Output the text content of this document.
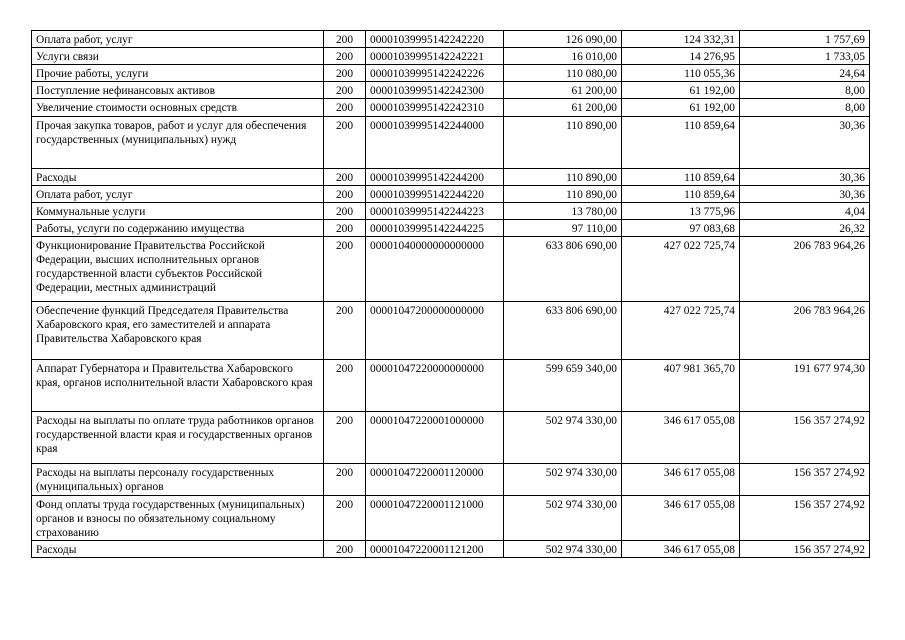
Оплата работ, услуг	200	00001039995142242220	126 090,00	124 332,31	1 757,69
Услуги связи	200	00001039995142242221	16 010,00	14 276,95	1 733,05
Прочие работы, услуги	200	00001039995142242226	110 080,00	110 055,36	24,64
Поступление нефинансовых активов	200	00001039995142242300	61 200,00	61 192,00	8,00
Увеличение стоимости основных средств	200	00001039995142242310	61 200,00	61 192,00	8,00
Прочая закупка товаров, работ и услуг для обеспечения государственных (муниципальных) нужд	200	00001039995142244000	110 890,00	110 859,64	30,36
Расходы	200	00001039995142244200	110 890,00	110 859,64	30,36
Оплата работ, услуг	200	00001039995142244220	110 890,00	110 859,64	30,36
Коммунальные услуги	200	00001039995142244223	13 780,00	13 775,96	4,04
Работы, услуги по содержанию имущества	200	00001039995142244225	97 110,00	97 083,68	26,32
Функционирование Правительства Российской Федерации, высших исполнительных органов государственной власти субъектов Российской Федерации, местных администраций	200	00001040000000000000	633 806 690,00	427 022 725,74	206 783 964,26
Обеспечение функций Председателя Правительства Хабаровского края, его заместителей и аппарата Правительства Хабаровского края	200	00001047200000000000	633 806 690,00	427 022 725,74	206 783 964,26
Аппарат Губернатора и Правительства Хабаровского края, органов исполнительной власти Хабаровского края	200	00001047220000000000	599 659 340,00	407 981 365,70	191 677 974,30
Расходы на выплаты по оплате труда работников органов государственной власти края и государственных органов края	200	00001047220001000000	502 974 330,00	346 617 055,08	156 357 274,92
Расходы на выплаты персоналу государственных (муниципальных) органов	200	00001047220001120000	502 974 330,00	346 617 055,08	156 357 274,92
Фонд оплаты труда государственных (муниципальных) органов и взносы по обязательному социальному страхованию	200	00001047220001121000	502 974 330,00	346 617 055,08	156 357 274,92
Расходы	200	00001047220001121200	502 974 330,00	346 617 055,08	156 357 274,92
